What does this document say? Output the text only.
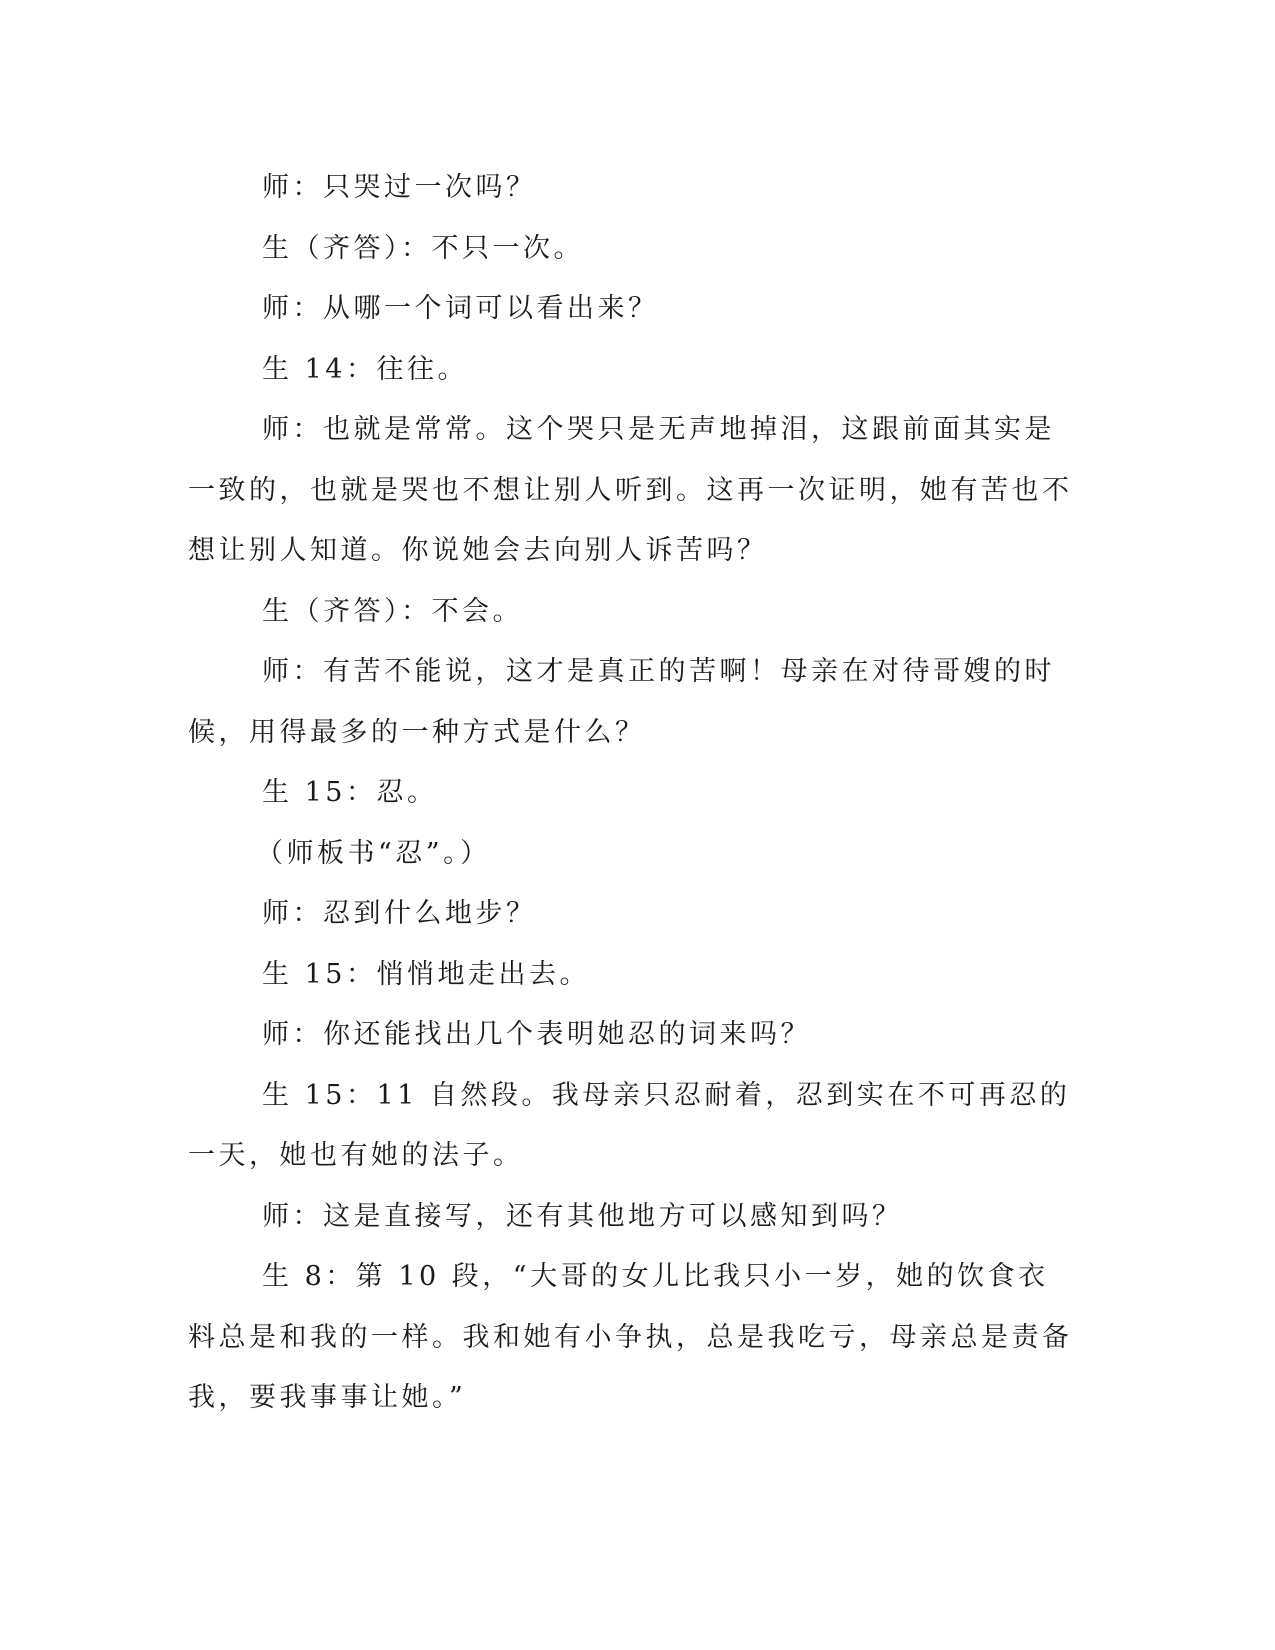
师：只哭过一次吗？

生（齐答）：不只一次。

师：从哪一个词可以看出来？

生 14：往往。

师：也就是常常。这个哭只是无声地掉泪，这跟前面其实是一致的，也就是哭也不想让别人听到。这再一次证明，她有苦也不想让别人知道。你说她会去向别人诉苦吗？

生（齐答）：不会。

师：有苦不能说，这才是真正的苦啊！母亲在对待哥嫂的时候，用得最多的一种方式是什么？

生 15：忍。

（师板书“忍”。）

师：忍到什么地步？

生 15：悄悄地走出去。

师：你还能找出几个表明她忍的词来吗？

生 15：11 自然段。我母亲只忍耐着，忍到实在不可再忍的一天，她也有她的法子。

师：这是直接写，还有其他地方可以感知到吗？

生 8：第 10 段，“大哥的女儿比我只小一岁，她的饮食衣料总是和我的一样。我和她有小争执，总是我吃亏，母亲总是责备我，要我事事让她。”
